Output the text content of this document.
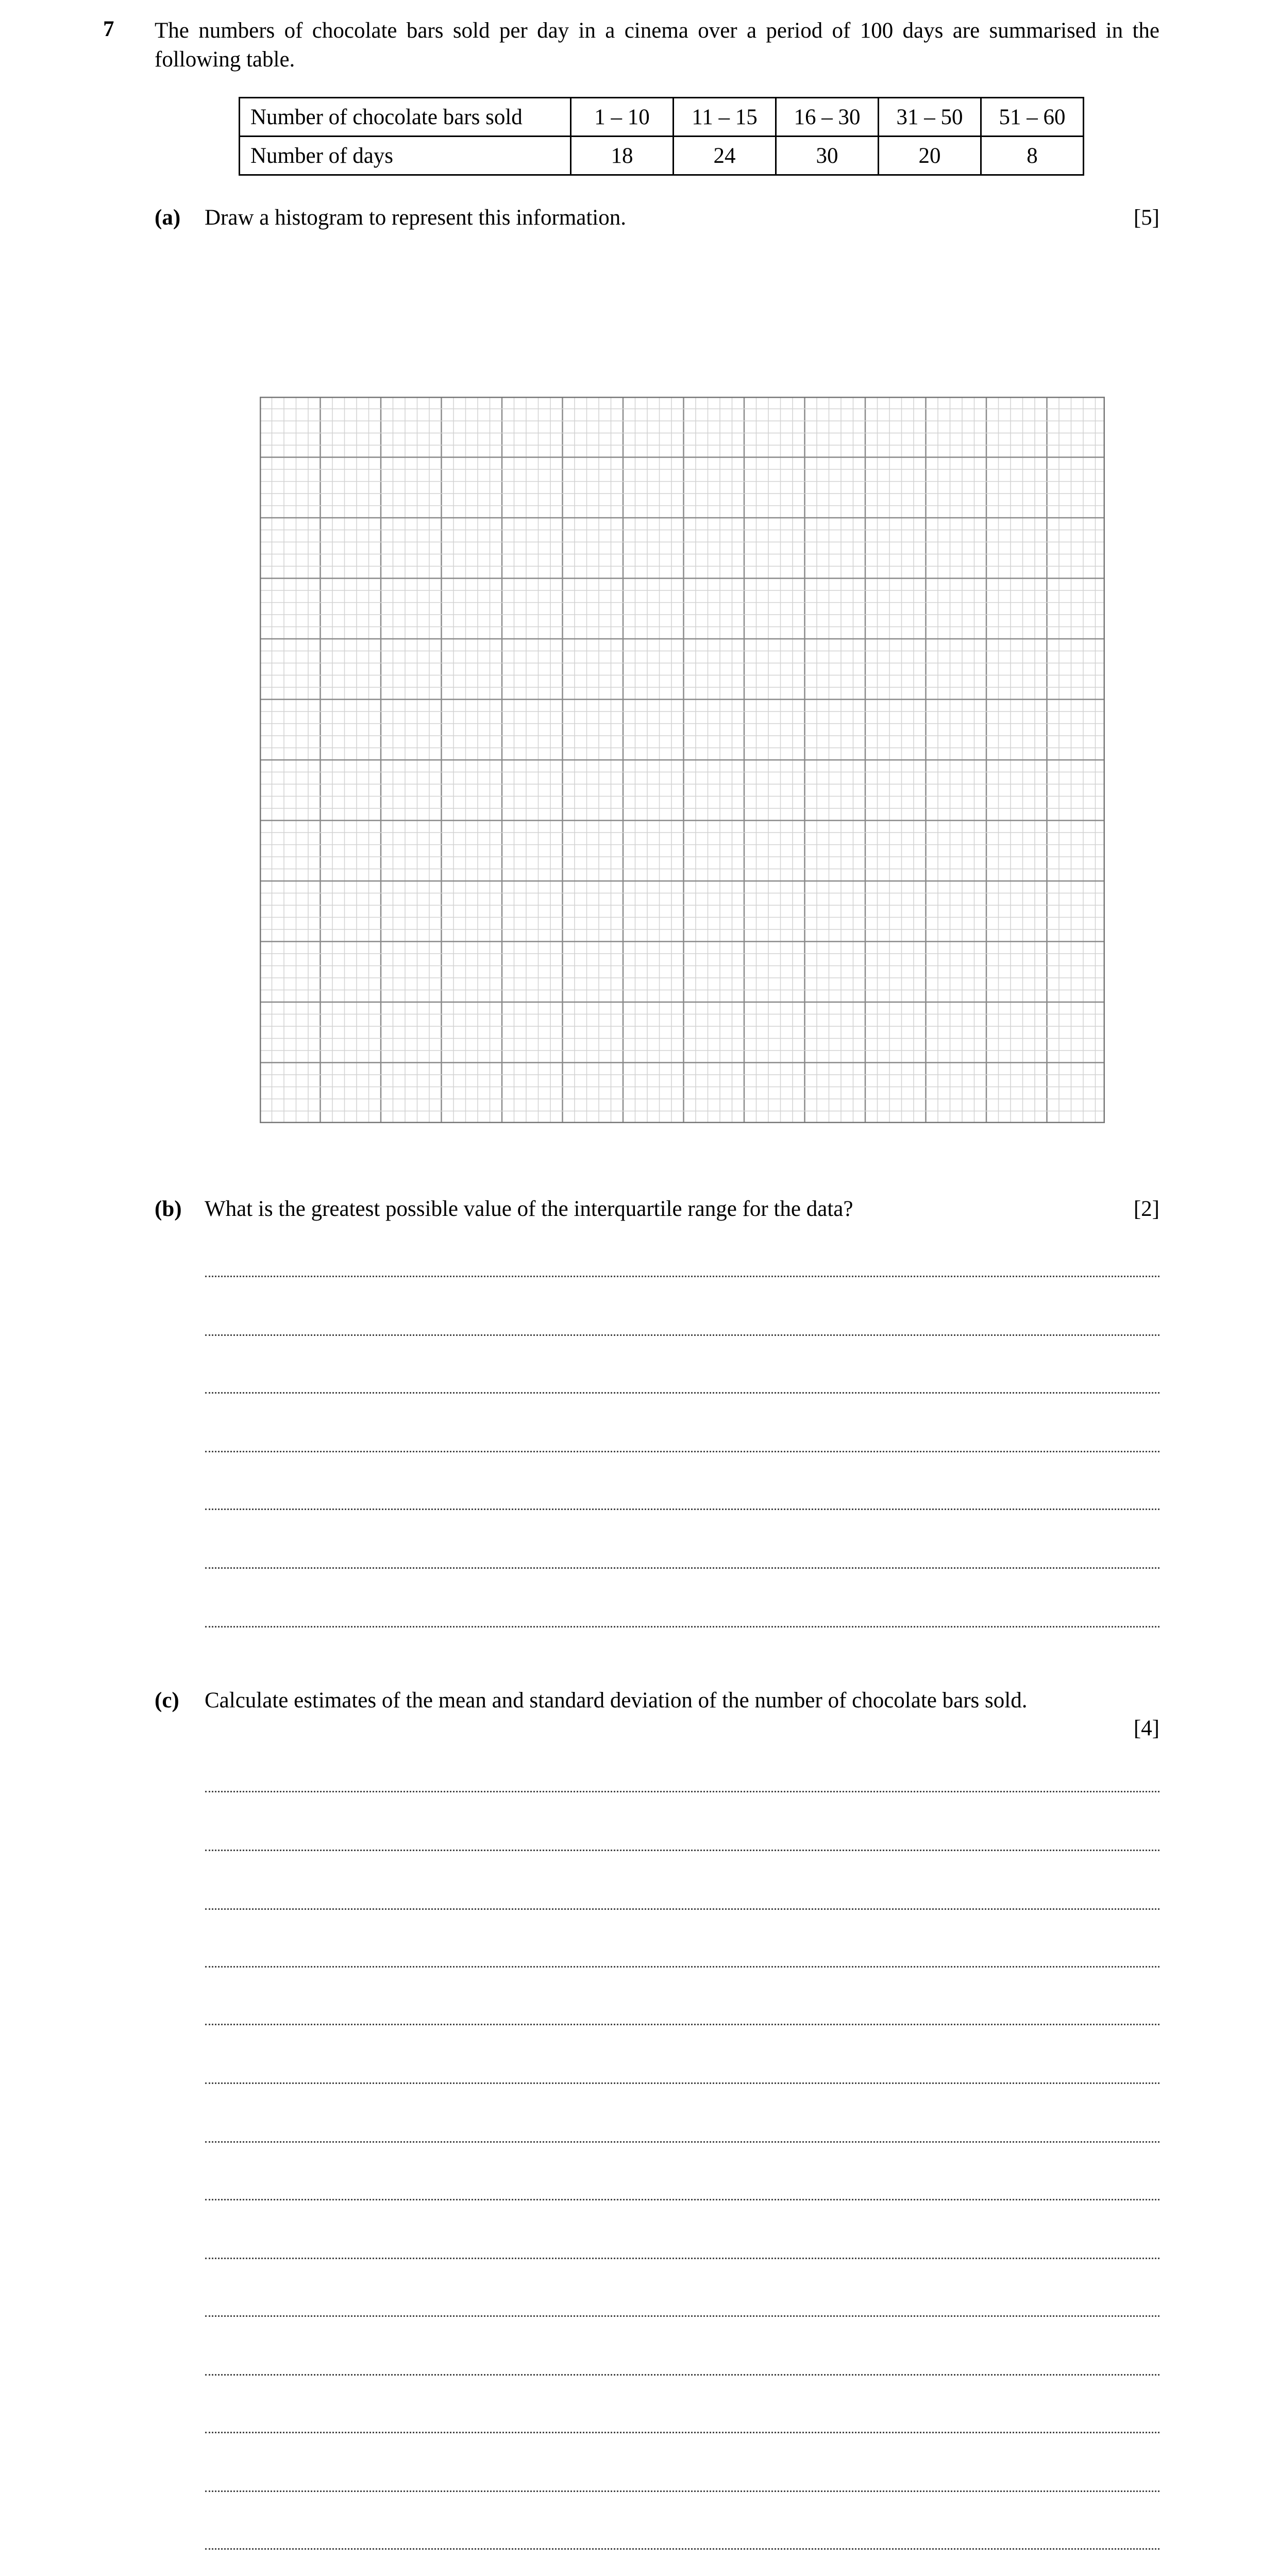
7 The numbers of chocolate bars sold per day in a cinema over a period of 100 days are summarised in the following table.
Number of chocolate bars sold	1 – 10	11 – 15	16 – 30	31 – 50	51 – 60
Number of days	18	24	30	20	8
(a) Draw a histogram to represent this information.	[5]
(b) What is the greatest possible value of the interquartile range for the data?	[2]
(c) Calculate estimates of the mean and standard deviation of the number of chocolate bars sold.
[4]
